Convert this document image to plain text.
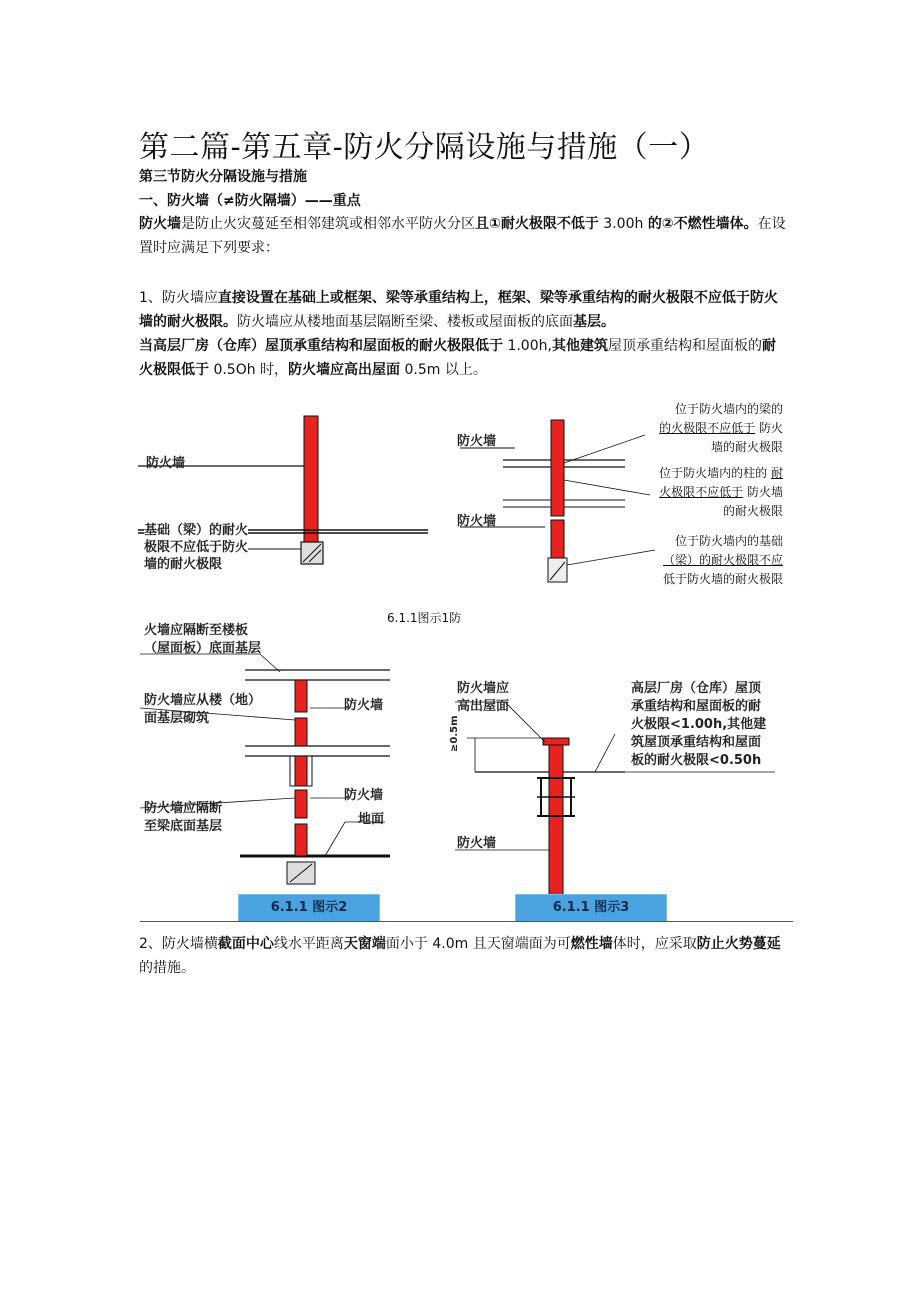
第二篇-第五章-防火分隔设施与措施（一）
第三节防火分隔设施与措施
一、防火墙（≠防火隔墙）——重点
防火墙是防止火灾蔓延至相邻建筑或相邻水平防火分区且①耐火极限不低于 3.00h 的②不燃性墙体。在设置时应满足下列要求：
1、防火墙应直接设置在基础上或框架、梁等承重结构上，框架、梁等承重结构的耐火极限不应低于防火墙的耐火极限。防火墙应从楼地面基层隔断至梁、楼板或屋面板的底面基层。
当高层厂房（仓库）屋顶承重结构和屋面板的耐火极限低于 1.00h,其他建筑屋顶承重结构和屋面板的耐火极限低于 0.5Oh 时，防火墙应高出屋面 0.5m 以上。
防火墙
基础（梁）的耐火
极限不应低于防火
墙的耐火极限
防火墙
防火墙
位于防火墙内的梁的
的火极限不应低于 防火
墙的耐火极限
位于防火墙内的柱的 耐
火极限不应低于 防火墙
的耐火极限
位于防火墙内的基础
（梁）的耐火极限不应
低于防火墙的耐火极限
6.1.1图示1防
火墙应隔断至楼板
（屋面板）底面基层
防火墙应从楼（地）
面基层砌筑
防火墙应隔断
至梁底面基层
防火墙
防火墙
地面
6.1.1 图示2
防火墙应
高出屋面
≥0.5m
防火墙
高层厂房（仓库）屋顶
承重结构和屋面板的耐
火极限<1.00h,其他建
筑屋顶承重结构和屋面
板的耐火极限<0.50h
6.1.1 图示3
2、防火墙横截面中心线水平距离天窗端面小于 4.0m 且天窗端面为可燃性墙体时，应采取防止火势蔓延的措施。
